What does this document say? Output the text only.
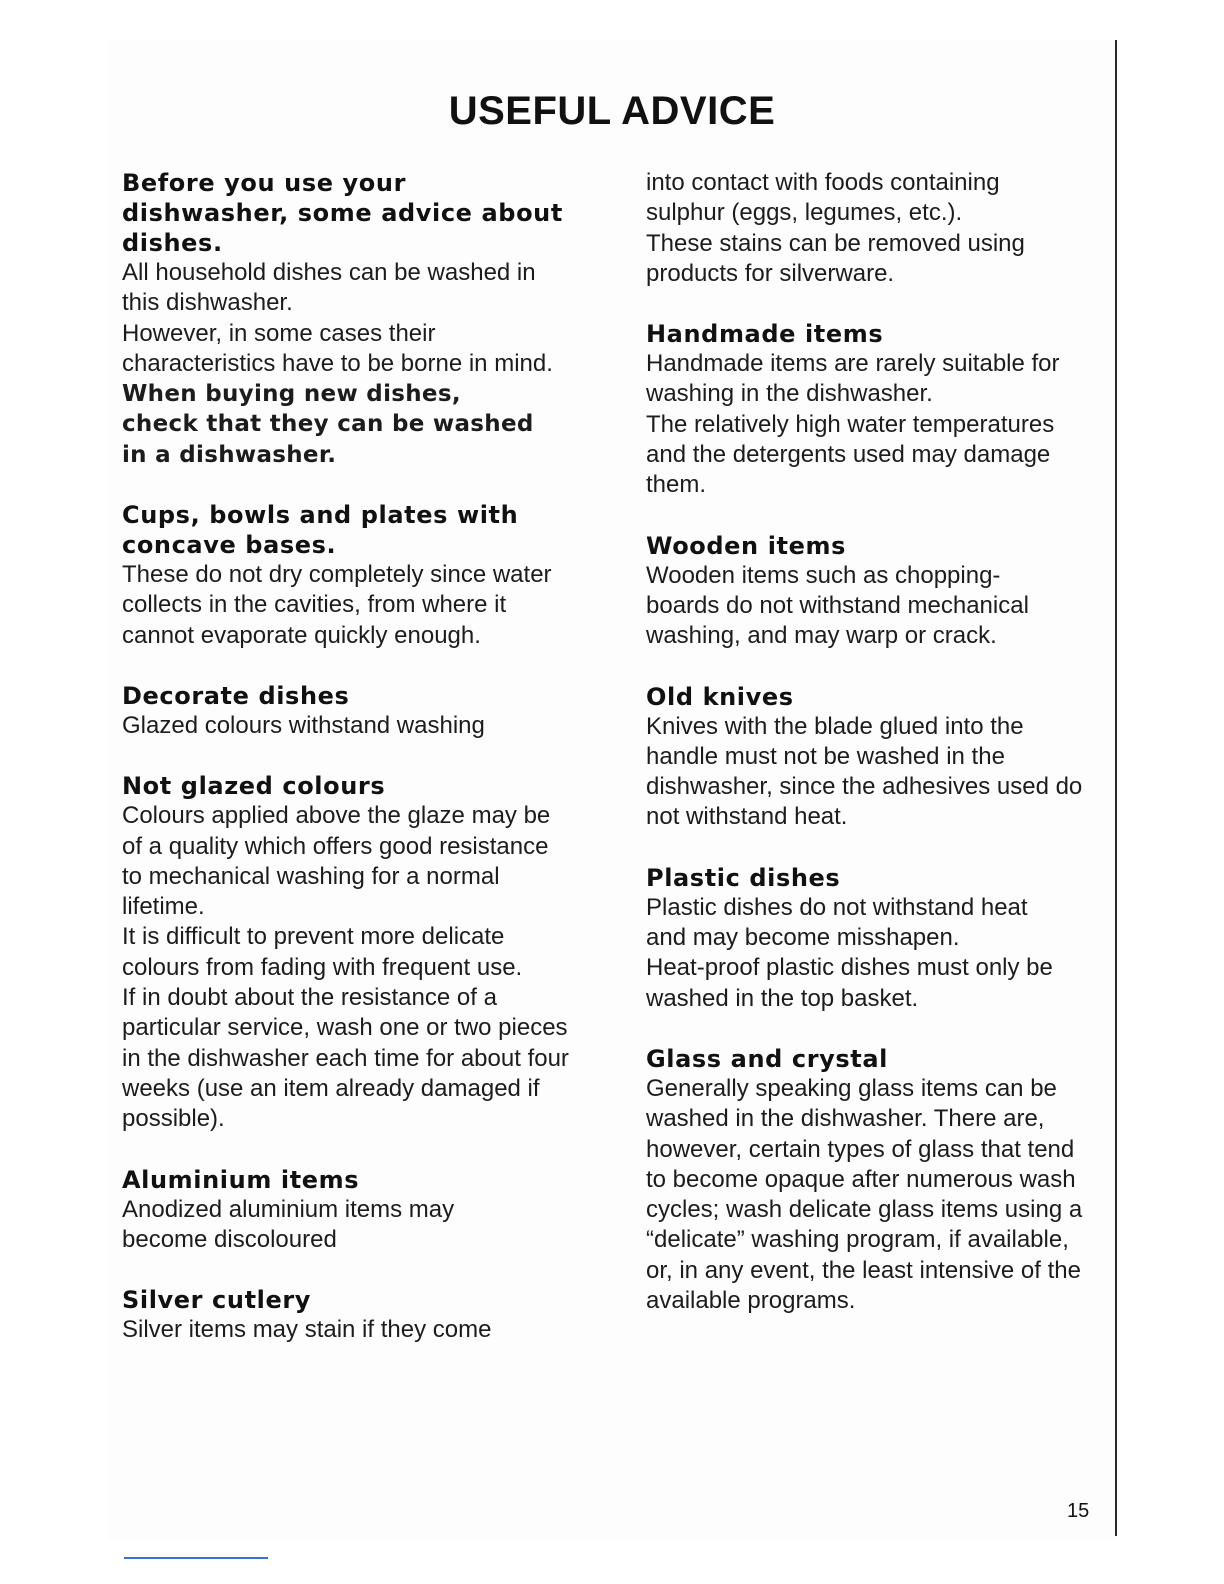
USEFUL ADVICE
Before you use your dishwasher, some advice about dishes.

All household dishes can be washed in this dishwasher.

However, in some cases their characteristics have to be borne in mind.

When buying new dishes, check that they can be washed in a dishwasher.

Cups, bowls and plates with concave bases.

These do not dry completely since water collects in the cavities, from where it cannot evaporate quickly enough.

Decorate dishes

Glazed colours withstand washing

Not glazed colours

Colours applied above the glaze may be of a quality which offers good resistance to mechanical washing for a normal lifetime.

It is difficult to prevent more delicate colours from fading with frequent use.

If in doubt about the resistance of a particular service, wash one or two pieces in the dishwasher each time for about four weeks (use an item already damaged if possible).

Aluminium items

Anodized aluminium items may become discoloured

Silver cutlery

Silver items may stain if they come

into contact with foods containing sulphur (eggs, legumes, etc.).

These stains can be removed using products for silverware.

Handmade items

Handmade items are rarely suitable for washing in the dishwasher.

The relatively high water temperatures and the detergents used may damage them.

Wooden items

Wooden items such as chopping-boards do not withstand mechanical washing, and may warp or crack.

Old knives

Knives with the blade glued into the handle must not be washed in the dishwasher, since the adhesives used do not withstand heat.

Plastic dishes

Plastic dishes do not withstand heat and may become misshapen.

Heat-proof plastic dishes must only be washed in the top basket.

Glass and crystal

Generally speaking glass items can be washed in the dishwasher. There are, however, certain types of glass that tend to become opaque after numerous wash cycles; wash delicate glass items using a “delicate” washing program, if available, or, in any event, the least intensive of the available programs.

15
